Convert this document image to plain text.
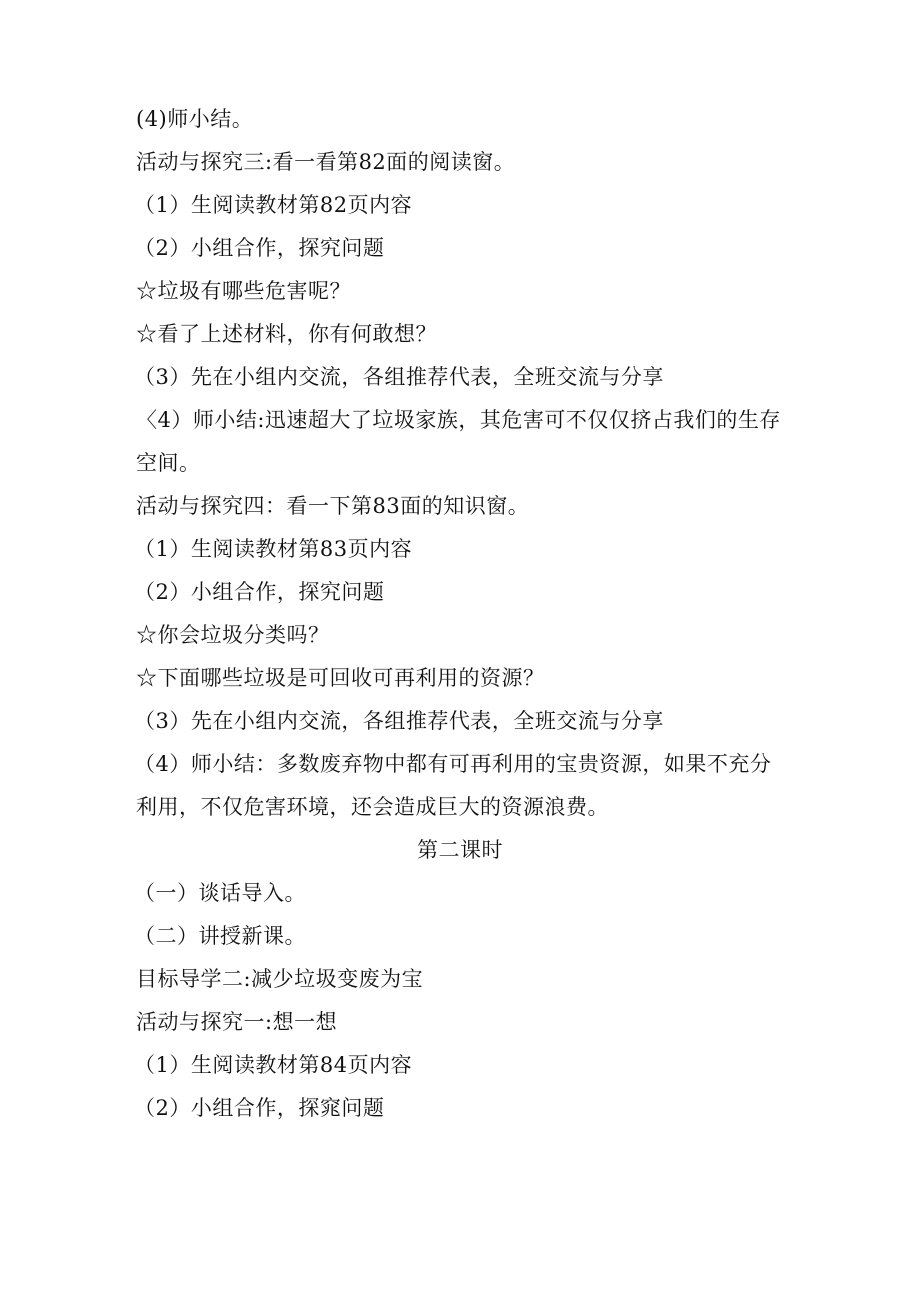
(4)师小结。
活动与探究三:看一看第82面的阅读窗。
（1）生阅读教材第82页内容
（2）小组合作，探究问题
☆垃圾有哪些危害呢？
☆看了上述材料，你有何敢想？
（3）先在小组内交流，各组推荐代表，全班交流与分享
〈4）师小结:迅速超大了垃圾家族，其危害可不仅仅挤占我们的生存
空间。
活动与探究四：看一下第83面的知识窗。
（1）生阅读教材第83页内容
（2）小组合作，探究问题
☆你会垃圾分类吗？
☆下面哪些垃圾是可回收可再利用的资源？
（3）先在小组内交流，各组推荐代表，全班交流与分享
（4）师小结：多数废弃物中都有可再利用的宝贵资源，如果不充分
利用，不仅危害环境，还会造成巨大的资源浪费。
第二课时
（一）谈话导入。
（二）讲授新课。
目标导学二:减少垃圾变废为宝
活动与探究一:想一想
（1）生阅读教材第84页内容
（2）小组合作，探窕问题
